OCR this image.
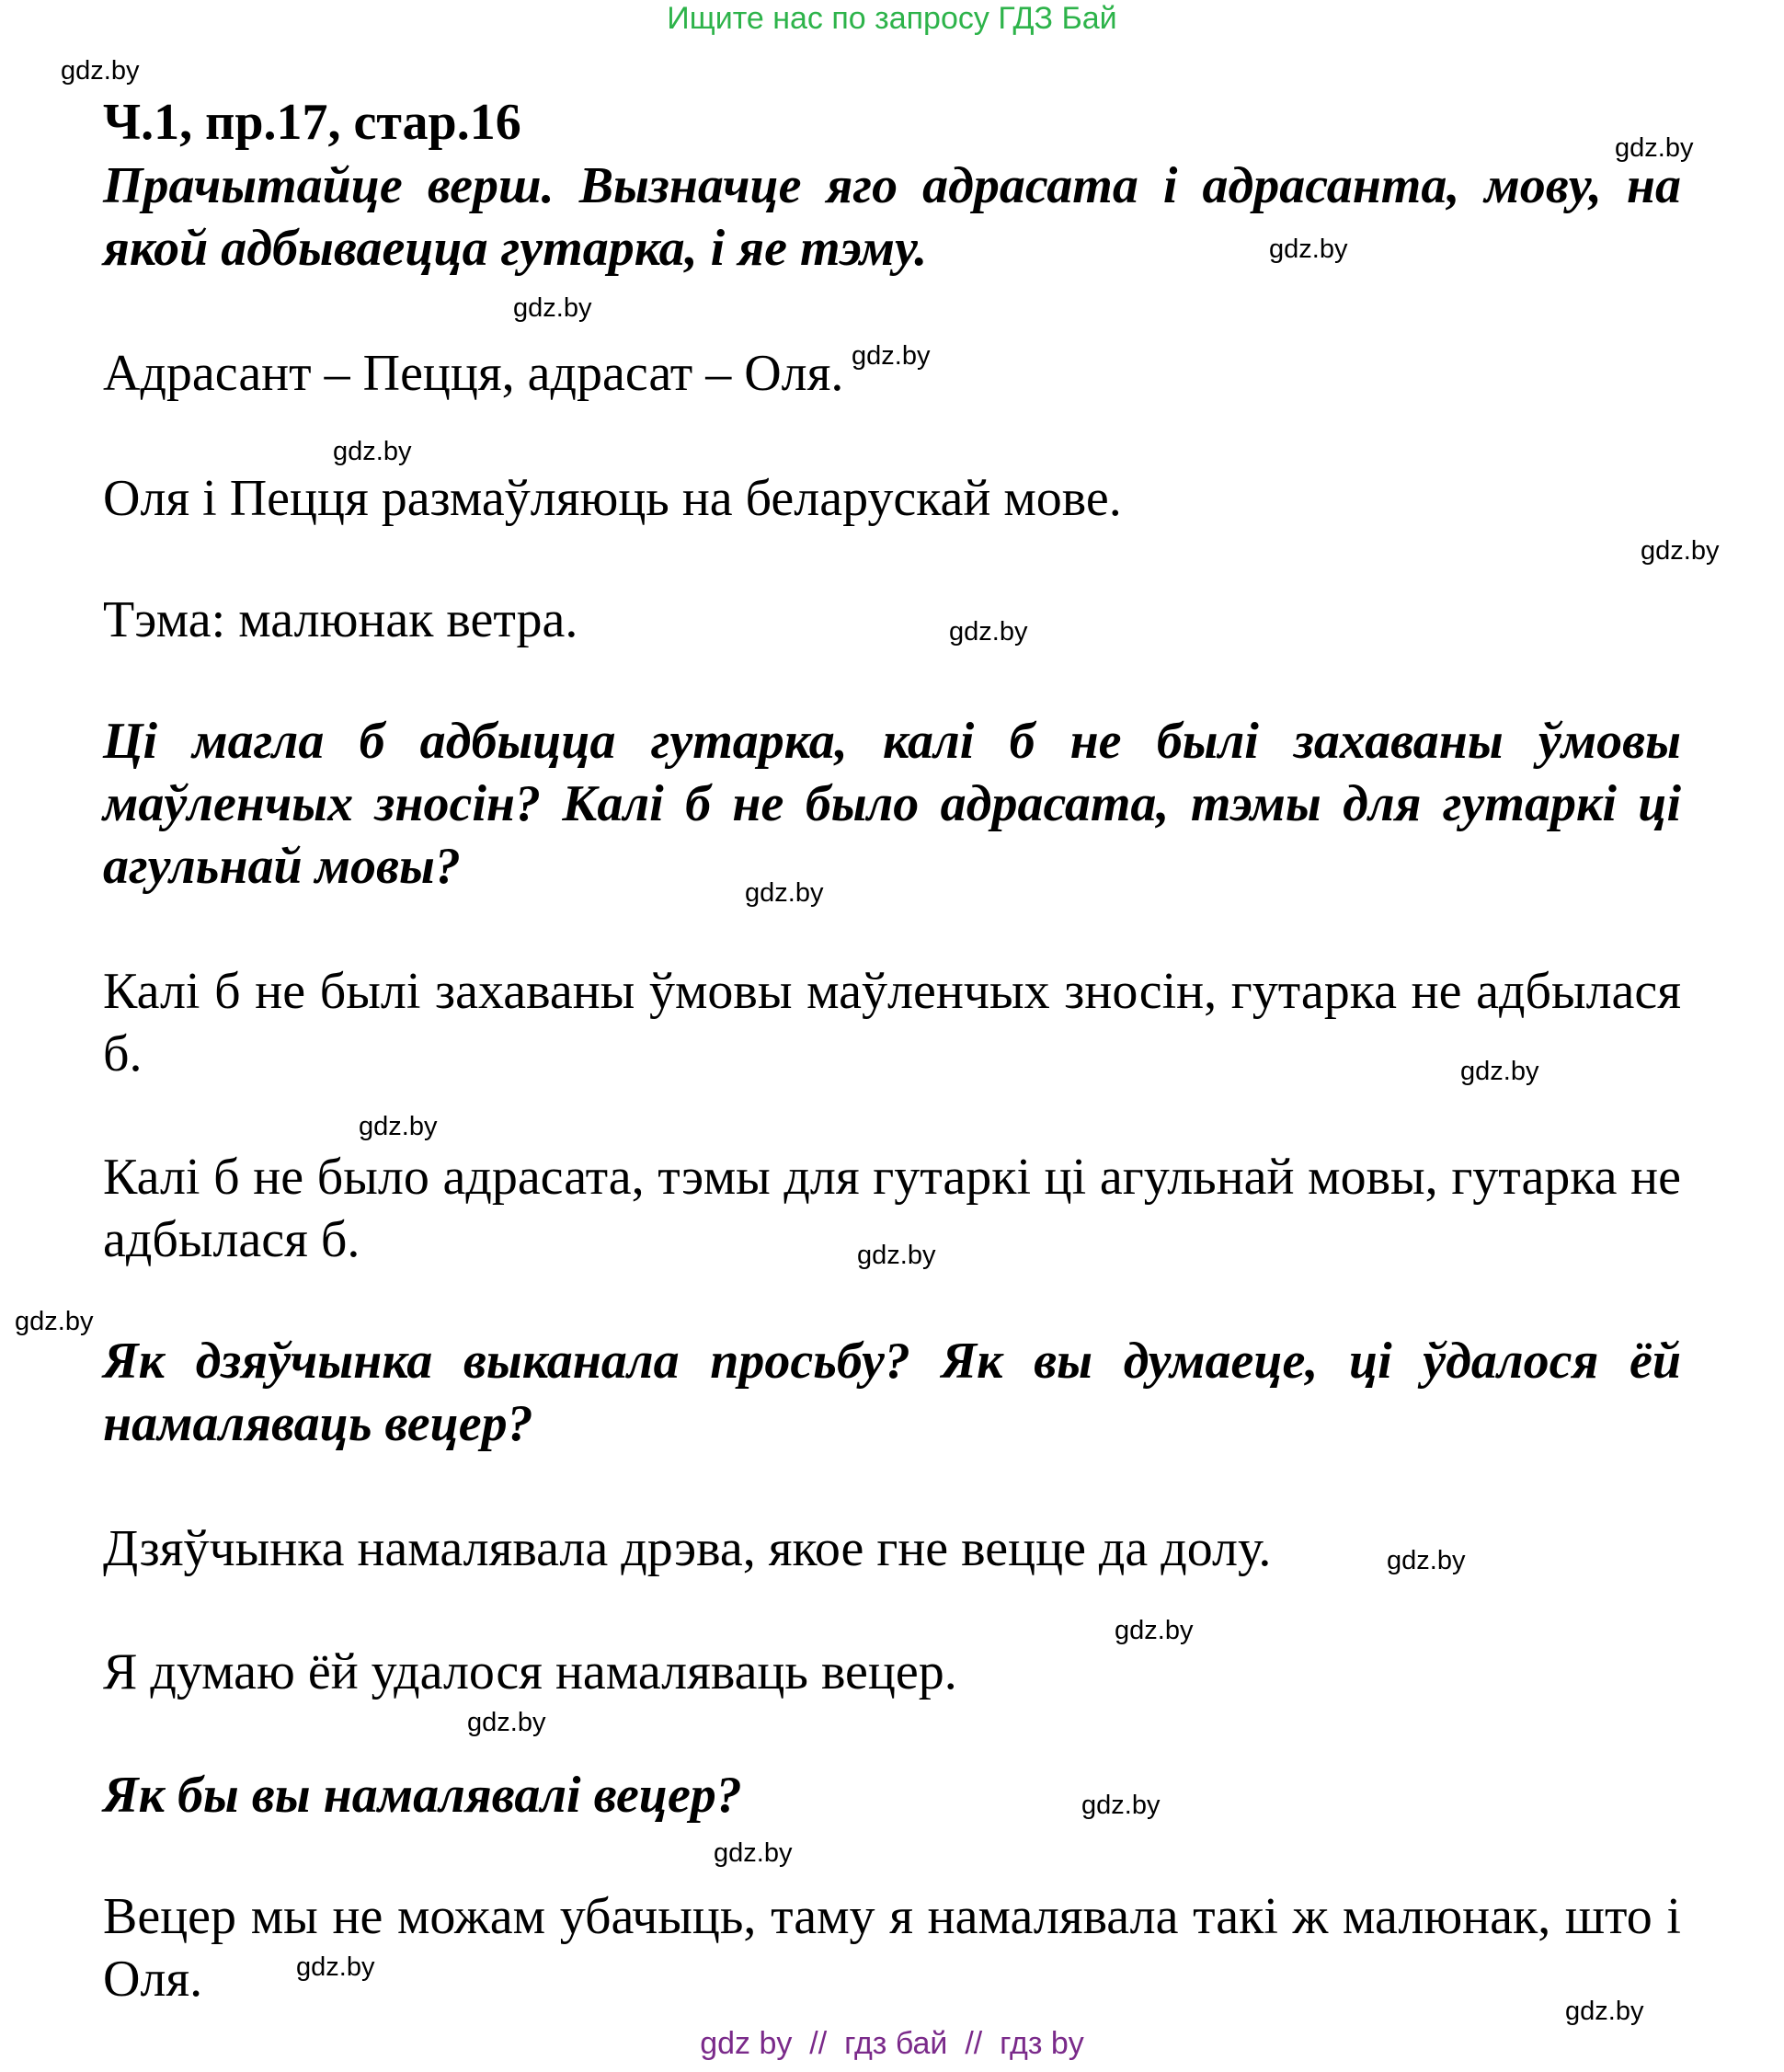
Ищите нас по запросу ГДЗ Бай
Ч.1, пр.17, стар.16

Прачытайце верш. Вызначце яго адрасата і адрасанта, мову, на якой адбываецца гутарка, і яе тэму.

Адрасант – Пецця, адрасат – Оля.

Оля і Пецця размаўляюць на беларускай мове.

Тэма: малюнак ветра.

Ці магла б адбыцца гутарка, калі б не былі захаваны ўмовы маўленчых зносін? Калі б не было адрасата, тэмы для гутаркі ці агульнай мовы?

Калі б не былі захаваны ўмовы маўленчых зносін, гутарка не адбылася б.

Калі б не было адрасата, тэмы для гутаркі ці агульнай мовы, гутарка не адбылася б.

Як дзяўчынка выканала просьбу? Як вы думаеце, ці ўдалося ёй намаляваць вецер?

Дзяўчынка намалявала дрэва, якое гне вецце да долу.

Я думаю ёй удалося намаляваць вецер.

Як бы вы намалявалі вецер?

Вецер мы не можам убачыць, таму я намалявала такі ж малюнак, што і Оля.

gdz.by
gdz.by
gdz.by
gdz.by
gdz.by
gdz.by
gdz.by
gdz.by
gdz.by
gdz.by
gdz.by
gdz.by
gdz.by
gdz.by
gdz.by
gdz.by
gdz.by
gdz.by
gdz.by
gdz.by
gdz by  //  гдз бай  //  гдз by
